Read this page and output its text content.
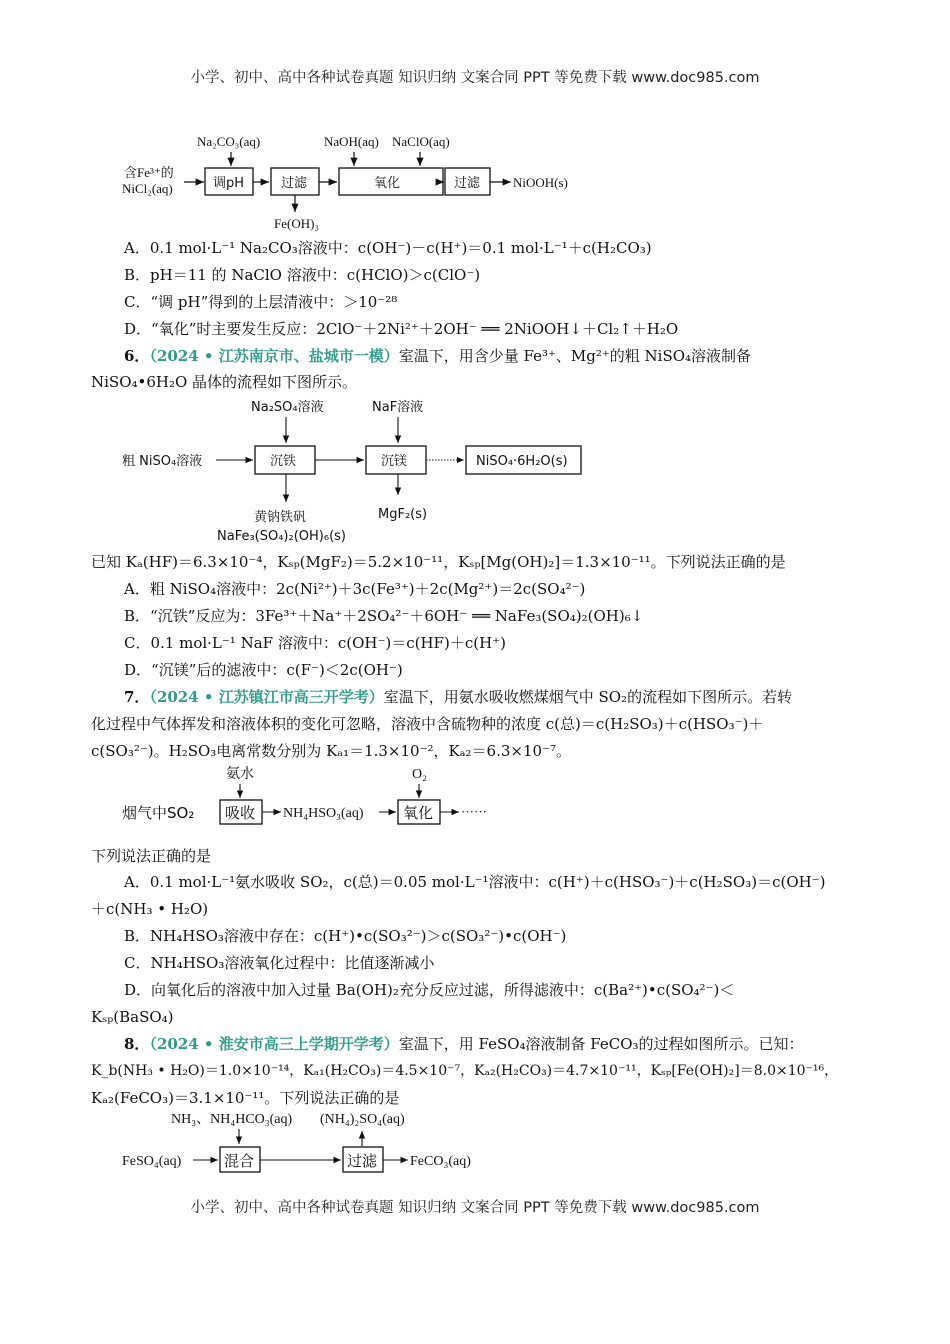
小学、初中、高中各种试卷真题 知识归纳 文案合同 PPT 等免费下载 www.doc985.com
含Fe³⁺的
NiCl₂(aq)
Na₂CO₃(aq)
调pH	过滤
Fe(OH)₃
NaOH(aq) NaClO(aq)
氧化	过滤	NiOOH(s)
A．0.1 mol·L⁻¹ Na₂CO₃溶液中：c(OH⁻)－c(H⁺)＝0.1 mol·L⁻¹＋c(H₂CO₃)
B．pH＝11 的 NaClO 溶液中：c(HClO)＞c(ClO⁻)
C．“调 pH”得到的上层清液中：＞10⁻²⁸
D．“氧化”时主要发生反应：2ClO⁻＋2Ni²⁺＋2OH⁻ ══ 2NiOOH↓＋Cl₂↑＋H₂O
6．（2024 • 江苏南京市、盐城市一模）室温下，用含少量 Fe³⁺、Mg²⁺的粗 NiSO₄溶液制备
NiSO₄•6H₂O 晶体的流程如下图所示。
Na₂SO₄溶液	NaF溶液
粗 NiSO₄溶液	沉铁	沉镁	NiSO₄·6H₂O(s)
黄钠铁矾
NaFe₃(SO₄)₂(OH)₆(s)
MgF₂(s)
已知 Kₐ(HF)＝6.3×10⁻⁴，Kₛₚ(MgF₂)＝5.2×10⁻¹¹，Kₛₚ[Mg(OH)₂]＝1.3×10⁻¹¹。下列说法正确的是
A．粗 NiSO₄溶液中：2c(Ni²⁺)＋3c(Fe³⁺)＋2c(Mg²⁺)＝2c(SO₄²⁻)
B．“沉铁”反应为：3Fe³⁺＋Na⁺＋2SO₄²⁻＋6OH⁻ ══ NaFe₃(SO₄)₂(OH)₆↓
C．0.1 mol·L⁻¹ NaF 溶液中：c(OH⁻)＝c(HF)＋c(H⁺)
D．“沉镁”后的滤液中：c(F⁻)＜2c(OH⁻)
7．（2024 • 江苏镇江市高三开学考）室温下，用氨水吸收燃煤烟气中 SO₂的流程如下图所示。若转
化过程中气体挥发和溶液体积的变化可忽略，溶液中含硫物种的浓度 c(总)＝c(H₂SO₃)＋c(HSO₃⁻)＋
c(SO₃²⁻)。H₂SO₃电离常数分别为 Kₐ₁＝1.3×10⁻²，Kₐ₂＝6.3×10⁻⁷。
氨水
烟气中SO₂ 吸收 NH₄HSO₃(aq)
O₂
氧化 ······
下列说法正确的是
A．0.1 mol·L⁻¹氨水吸收 SO₂，c(总)＝0.05 mol·L⁻¹溶液中：c(H⁺)＋c(HSO₃⁻)＋c(H₂SO₃)＝c(OH⁻)
＋c(NH₃ • H₂O)
B．NH₄HSO₃溶液中存在：c(H⁺)•c(SO₃²⁻)＞c(SO₃²⁻)•c(OH⁻)
C．NH₄HSO₃溶液氧化过程中：比值逐渐减小
D．向氧化后的溶液中加入过量 Ba(OH)₂充分反应过滤，所得滤液中：c(Ba²⁺)•c(SO₄²⁻)＜
Kₛₚ(BaSO₄)
8．（2024 • 淮安市高三上学期开学考）室温下，用 FeSO₄溶液制备 FeCO₃的过程如图所示。已知：
K_b(NH₃ • H₂O)＝1.0×10⁻¹⁴，Kₐ₁(H₂CO₃)＝4.5×10⁻⁷，Kₐ₂(H₂CO₃)＝4.7×10⁻¹¹，Kₛₚ[Fe(OH)₂]＝8.0×10⁻¹⁶，
Kₐ₂(FeCO₃)＝3.1×10⁻¹¹。下列说法正确的是
NH₃、NH₄HCO₃(aq) (NH₄)₂SO₄(aq)
FeSO₄(aq)	混合	过滤 FeCO₃(aq)
小学、初中、高中各种试卷真题 知识归纳 文案合同 PPT 等免费下载 www.doc985.com
